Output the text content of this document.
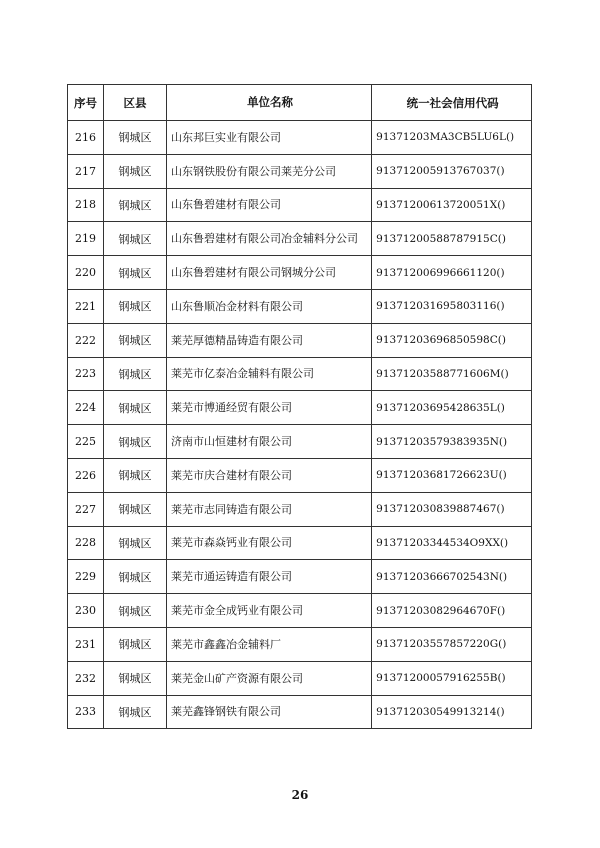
序号	区县	单位名称	统一社会信用代码
216	钢城区	山东邦巨实业有限公司	91371203MA3CB5LU6L()
217	钢城区	山东钢铁股份有限公司莱芜分公司	913712005913767037()
218	钢城区	山东鲁碧建材有限公司	91371200613720051X()
219	钢城区	山东鲁碧建材有限公司冶金辅料分公司	91371200588787915C()
220	钢城区	山东鲁碧建材有限公司钢城分公司	913712006996661120()
221	钢城区	山东鲁顺冶金材料有限公司	913712031695803116()
222	钢城区	莱芜厚德精晶铸造有限公司	91371203696850598C()
223	钢城区	莱芜市亿泰冶金辅料有限公司	91371203588771606M()
224	钢城区	莱芜市博通经贸有限公司	91371203695428635L()
225	钢城区	济南市山恒建材有限公司	91371203579383935N()
226	钢城区	莱芜市庆合建材有限公司	91371203681726623U()
227	钢城区	莱芜市志同铸造有限公司	913712030839887467()
228	钢城区	莱芜市森焱钙业有限公司	91371203344534O9XX()
229	钢城区	莱芜市通运铸造有限公司	91371203666702543N()
230	钢城区	莱芜市金全成钙业有限公司	91371203082964670F()
231	钢城区	莱芜市鑫鑫冶金辅料厂	91371203557857220G()
232	钢城区	莱芜金山矿产资源有限公司	91371200057916255B()
233	钢城区	莱芜鑫锋钢铁有限公司	913712030549913214()
26
